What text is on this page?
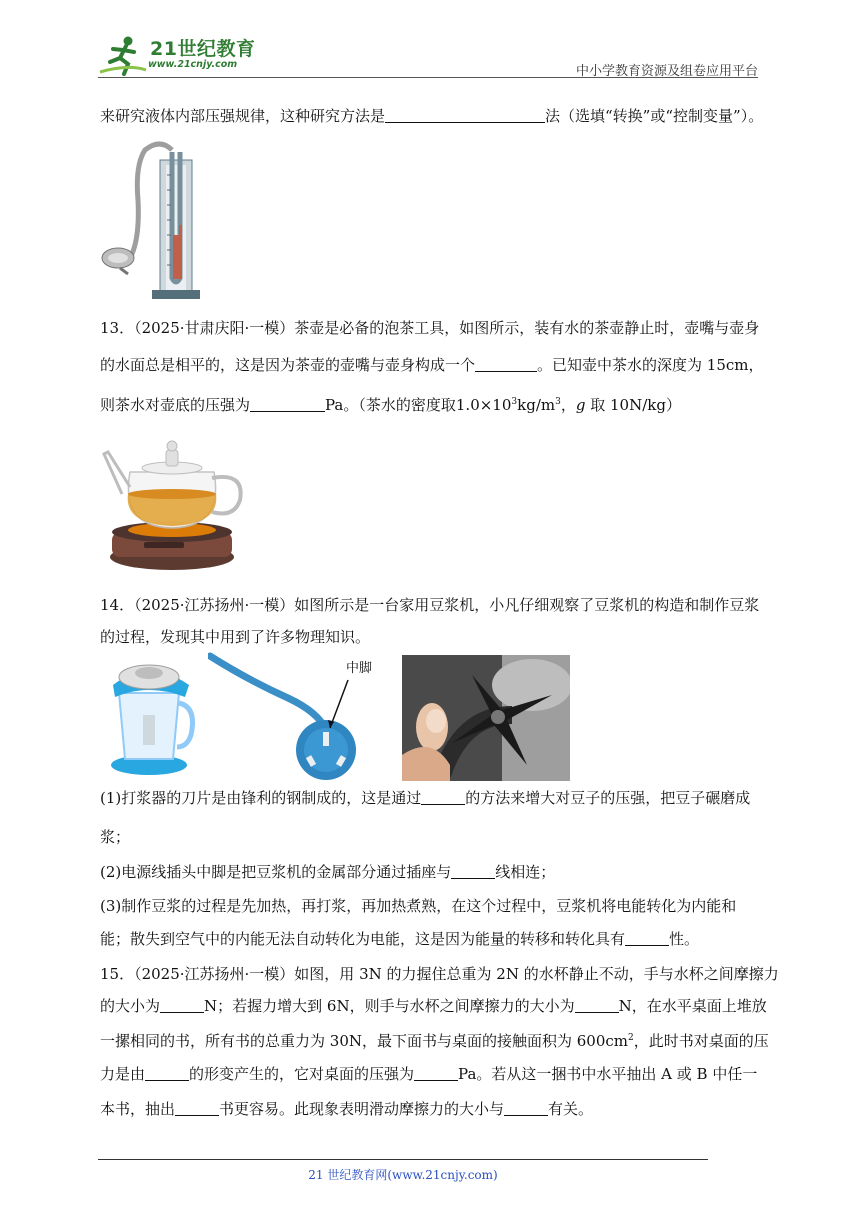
21世纪教育
www.21cnjy.com	中小学教育资源及组卷应用平台
来研究液体内部压强规律，这种研究方法是	法（选填“转换”或“控制变量”）。
13．（2025·甘肃庆阳·一模）茶壶是必备的泡茶工具，如图所示，装有水的茶壶静止时，壶嘴与壶身
的水面总是相平的，这是因为茶壶的壶嘴与壶身构成一个	。已知壶中茶水的深度为 15cm，
则茶水对壶底的压强为	Pa。（茶水的密度取$1.0\times 10^3kg/m^3$，g 取 10N/kg）
14．（2025·江苏扬州·一模）如图所示是一台家用豆浆机，小凡仔细观察了豆浆机的构造和制作豆浆
的过程，发现其中用到了许多物理知识。
中脚
(1)打浆器的刀片是由锋利的钢制成的，这是通过	的方法来增大对豆子的压强，把豆子碾磨成
浆；
(2)电源线插头中脚是把豆浆机的金属部分通过插座与	线相连；
(3)制作豆浆的过程是先加热，再打浆，再加热煮熟，在这个过程中，豆浆机将电能转化为内能和
能；散失到空气中的内能无法自动转化为电能，这是因为能量的转移和转化具有	性。
15．（2025·江苏扬州·一模）如图，用 3N 的力握住总重为 2N 的水杯静止不动，手与水杯之间摩擦力
的大小为	N；若握力增大到 6N，则手与水杯之间摩擦力的大小为	N，在水平桌面上堆放
一摞相同的书，所有书的总重力为 30N，最下面书与桌面的接触面积为 $600cm^2$，此时书对桌面的压
力是由	的形变产生的，它对桌面的压强为	Pa。若从这一捆书中水平抽出 A 或 B 中任一
本书，抽出	书更容易。此现象表明滑动摩擦力的大小与	有关。
21 世纪教育网(www.21cnjy.com)
